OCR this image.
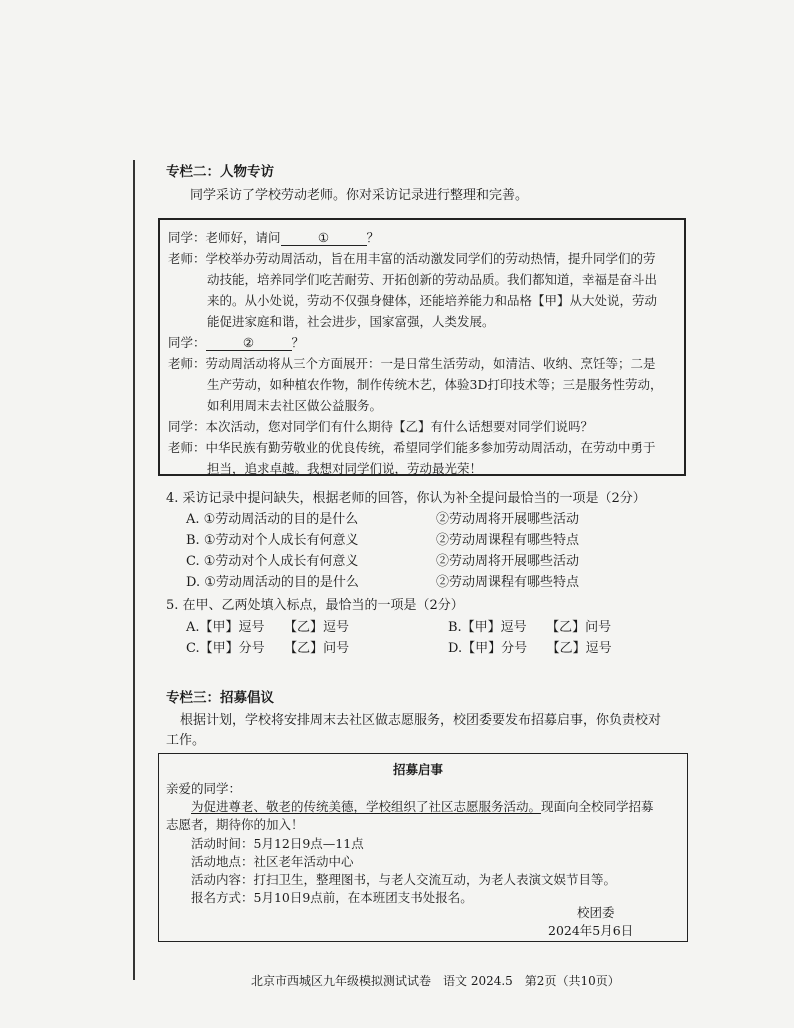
专栏二：人物专访
同学采访了学校劳动老师。你对采访记录进行整理和完善。
同学：老师好，请问	①	？
老师：学校举办劳动周活动，旨在用丰富的活动激发同学们的劳动热情，提升同学们的劳
动技能，培养同学们吃苦耐劳、开拓创新的劳动品质。我们都知道，幸福是奋斗出
来的。从小处说，劳动不仅强身健体，还能培养能力和品格【甲】从大处说，劳动
能促进家庭和谐，社会进步，国家富强，人类发展。
同学：	②	？
老师：劳动周活动将从三个方面展开：一是日常生活劳动，如清洁、收纳、烹饪等；二是
生产劳动，如种植农作物，制作传统木艺，体验3D打印技术等；三是服务性劳动，
如利用周末去社区做公益服务。
同学：本次活动，您对同学们有什么期待【乙】有什么话想要对同学们说吗？
老师：中华民族有勤劳敬业的优良传统，希望同学们能多参加劳动周活动，在劳动中勇于
担当，追求卓越。我想对同学们说，劳动最光荣！
4. 采访记录中提问缺失，根据老师的回答，你认为补全提问最恰当的一项是（2分）
A. ①劳动周活动的目的是什么	②劳动周将开展哪些活动
B. ①劳动对个人成长有何意义	②劳动周课程有哪些特点
C. ①劳动对个人成长有何意义	②劳动周将开展哪些活动
D. ①劳动周活动的目的是什么	②劳动周课程有哪些特点
5. 在甲、乙两处填入标点，最恰当的一项是（2分）
A.【甲】逗号　　【乙】逗号	B.【甲】逗号　　【乙】问号
C.【甲】分号　　【乙】问号	D.【甲】分号　　【乙】逗号
专栏三：招募倡议
根据计划，学校将安排周末去社区做志愿服务，校团委要发布招募启事，你负责校对
工作。
招募启事
亲爱的同学：
为促进尊老、敬老的传统美德，学校组织了社区志愿服务活动。现面向全校同学招募
志愿者，期待你的加入！
活动时间：5月12日9点—11点
活动地点：社区老年活动中心
活动内容：打扫卫生，整理图书，与老人交流互动，为老人表演文娱节目等。
报名方式：5月10日9点前，在本班团支书处报名。
校团委
2024年5月6日
北京市西城区九年级模拟测试试卷　语文 2024.5　第2页（共10页）
